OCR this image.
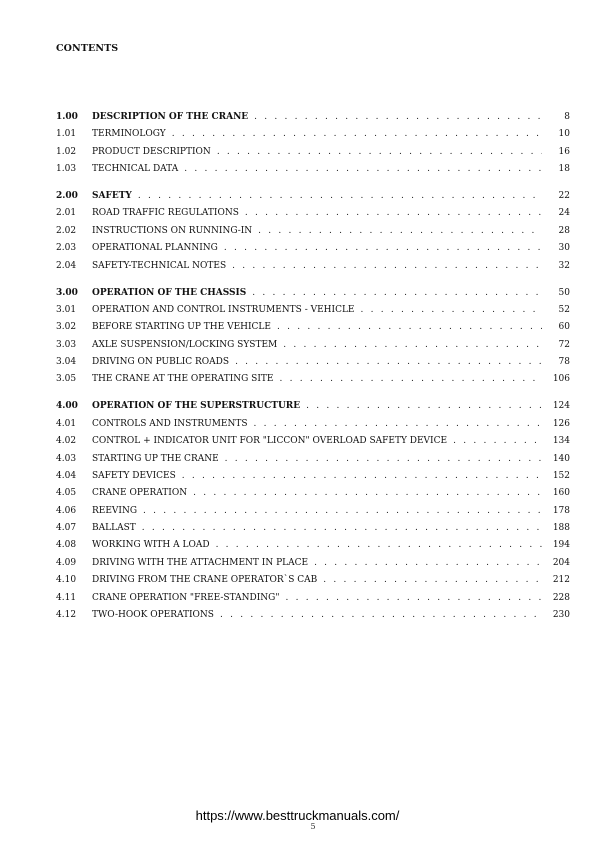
CONTENTS
1.00	DESCRIPTION OF THE CRANE . . .	8
1.01	TERMINOLOGY . . .	10
1.02	PRODUCT DESCRIPTION . . .	16
1.03	TECHNICAL DATA . . .	18
2.00	SAFETY . . .	22
2.01	ROAD TRAFFIC REGULATIONS . . .	24
2.02	INSTRUCTIONS ON RUNNING-IN . . .	28
2.03	OPERATIONAL PLANNING . . .	30
2.04	SAFETY-TECHNICAL NOTES . . .	32
3.00	OPERATION OF THE CHASSIS . . .	50
3.01	OPERATION AND CONTROL INSTRUMENTS - VEHICLE . . .	52
3.02	BEFORE STARTING UP THE VEHICLE . . .	60
3.03	AXLE SUSPENSION/LOCKING SYSTEM . . .	72
3.04	DRIVING ON PUBLIC ROADS . . .	78
3.05	THE CRANE AT THE OPERATING SITE . . .	106
4.00	OPERATION OF THE SUPERSTRUCTURE . . .	124
4.01	CONTROLS AND INSTRUMENTS . . .	126
4.02	CONTROL + INDICATOR UNIT FOR "LICCON" OVERLOAD SAFETY DEVICE . . .	134
4.03	STARTING UP THE CRANE . . .	140
4.04	SAFETY DEVICES . . .	152
4.05	CRANE OPERATION . . .	160
4.06	REEVING . . .	178
4.07	BALLAST . . .	188
4.08	WORKING WITH A LOAD . . .	194
4.09	DRIVING WITH THE ATTACHMENT IN PLACE . . .	204
4.10	DRIVING FROM THE CRANE OPERATOR`S CAB . . .	212
4.11	CRANE OPERATION "FREE-STANDING" . . .	228
4.12	TWO-HOOK OPERATIONS . . .	230
https://www.besttruckmanuals.com/
5
